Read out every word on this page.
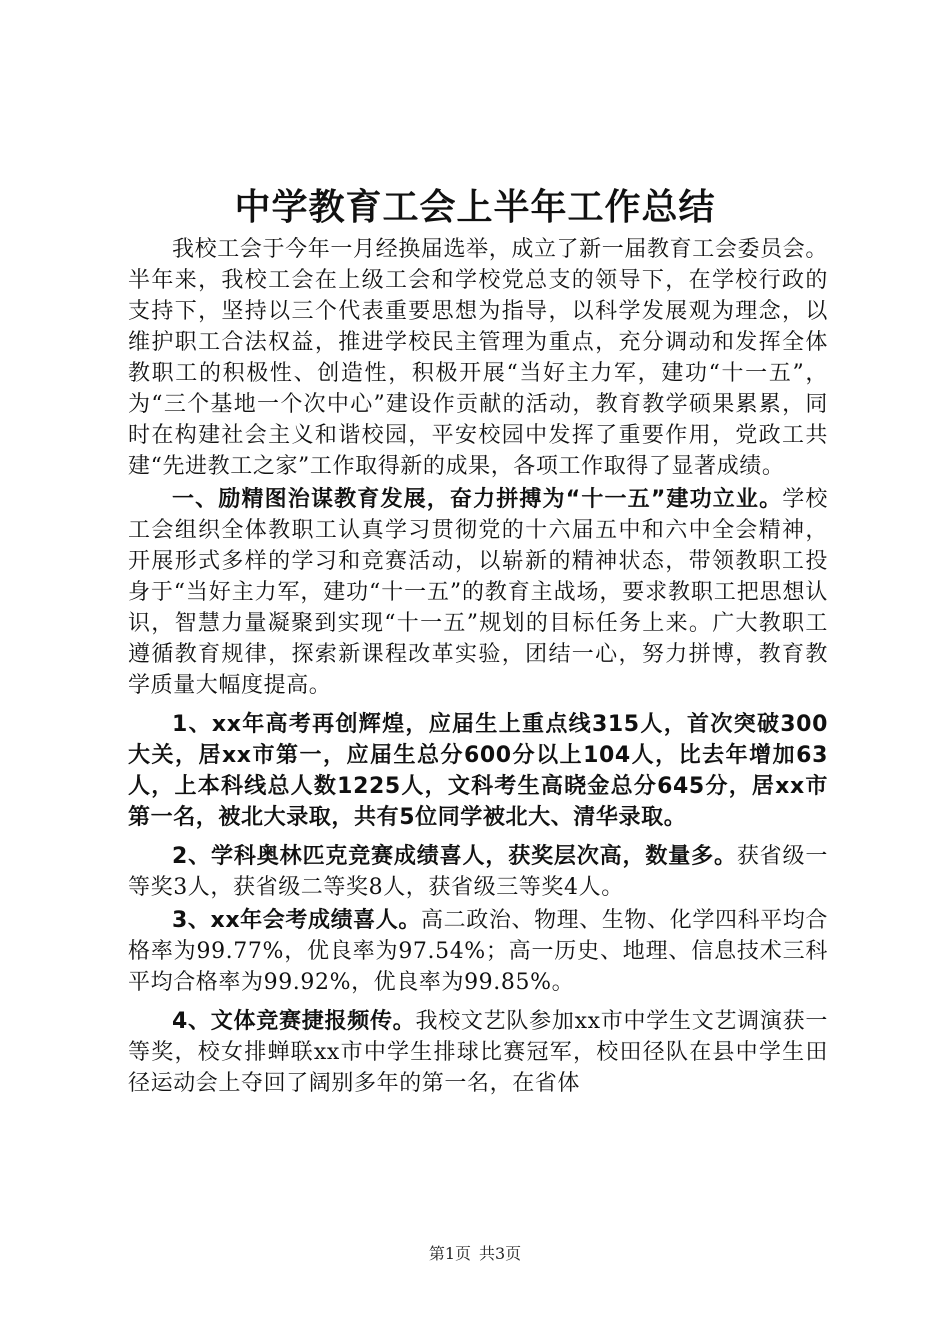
中学教育工会上半年工作总结

我校工会于今年一月经换届选举，成立了新一届教育工会委员会。半年来，我校工会在上级工会和学校党总支的领导下，在学校行政的支持下，坚持以三个代表重要思想为指导，以科学发展观为理念，以维护职工合法权益，推进学校民主管理为重点，充分调动和发挥全体教职工的积极性、创造性，积极开展“当好主力军，建功“十一五”，为“三个基地一个次中心”建设作贡献的活动，教育教学硕果累累，同时在构建社会主义和谐校园，平安校园中发挥了重要作用，党政工共建“先进教工之家”工作取得新的成果，各项工作取得了显著成绩。

一、励精图治谋教育发展，奋力拼搏为“十一五”建功立业。学校工会组织全体教职工认真学习贯彻党的十六届五中和六中全会精神，开展形式多样的学习和竞赛活动，以崭新的精神状态，带领教职工投身于“当好主力军，建功“十一五”的教育主战场，要求教职工把思想认识，智慧力量凝聚到实现“十一五”规划的目标任务上来。广大教职工遵循教育规律，探索新课程改革实验，团结一心，努力拼博，教育教学质量大幅度提高。

1、xx年高考再创辉煌，应届生上重点线315人，首次突破300大关，居xx市第一，应届生总分600分以上104人，比去年增加63人，上本科线总人数1225人，文科考生高晓金总分645分，居xx市第一名，被北大录取，共有5位同学被北大、清华录取。

2、学科奥林匹克竞赛成绩喜人，获奖层次高，数量多。获省级一等奖3人，获省级二等奖8人，获省级三等奖4人。

3、xx年会考成绩喜人。高二政治、物理、生物、化学四科平均合格率为99.77%，优良率为97.54%；高一历史、地理、信息技术三科平均合格率为99.92%，优良率为99.85%。

4、文体竞赛捷报频传。我校文艺队参加xx市中学生文艺调演获一等奖，校女排蝉联xx市中学生排球比赛冠军，校田径队在县中学生田径运动会上夺回了阔别多年的第一名，在省体

第1页 共3页
